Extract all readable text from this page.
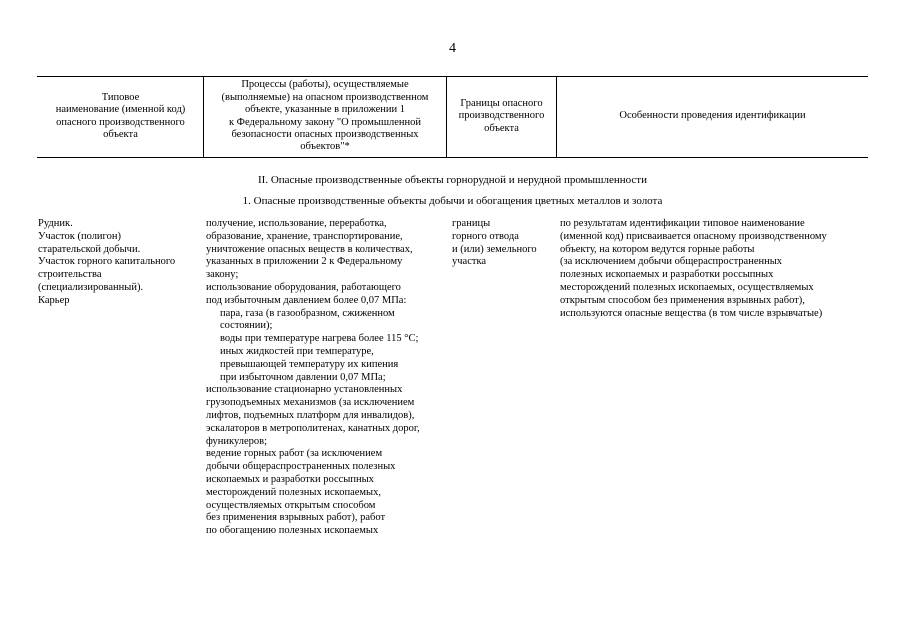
4
Типовое
наименование (именной код)
опасного производственного
объекта
Процессы (работы), осуществляемые
(выполняемые) на опасном производственном
объекте, указанные в приложении 1
к Федеральному закону "О промышленной
безопасности опасных производственных
объектов"*
Границы опасного
производственного
объекта
Особенности проведения идентификации
II. Опасные производственные объекты горнорудной и нерудной промышленности
1. Опасные производственные объекты добычи и обогащения цветных металлов и золота
Рудник.
Участок (полигон)
старательской добычи.
Участок горного капитального
строительства
(специализированный).
Карьер
получение, использование, переработка,
образование, хранение, транспортирование,
уничтожение опасных веществ в количествах,
указанных в приложении 2 к Федеральному
закону;
использование оборудования, работающего
под избыточным давлением более 0,07 МПа:
пара, газа (в газообразном, сжиженном
состоянии);
воды при температуре нагрева более 115 °С;
иных жидкостей при температуре,
превышающей температуру их кипения
при избыточном давлении 0,07 МПа;
использование стационарно установленных
грузоподъемных механизмов (за исключением
лифтов, подъемных платформ для инвалидов),
эскалаторов в метрополитенах, канатных дорог,
фуникулеров;
ведение горных работ (за исключением
добычи общераспространенных полезных
ископаемых и разработки россыпных
месторождений полезных ископаемых,
осуществляемых открытым способом
без применения взрывных работ), работ
по обогащению полезных ископаемых
границы
горного отвода
и (или) земельного
участка
по результатам идентификации типовое наименование
(именной код) присваивается опасному производственному
объекту, на котором ведутся горные работы
(за исключением добычи общераспространенных
полезных ископаемых и разработки россыпных
месторождений полезных ископаемых, осуществляемых
открытым способом без применения взрывных работ),
используются опасные вещества (в том числе взрывчатые)
